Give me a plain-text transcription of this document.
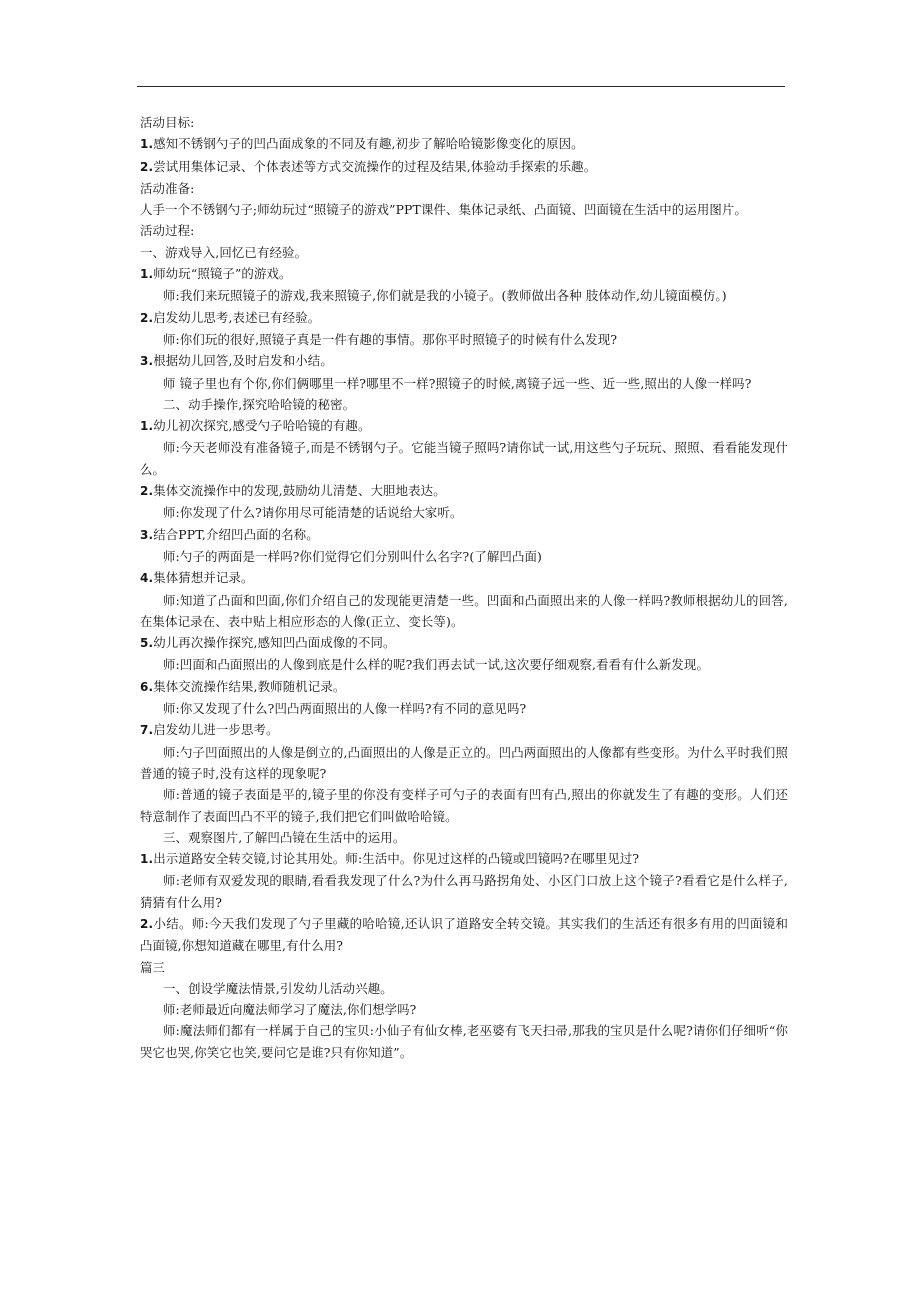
活动目标:

1.感知不锈钢勺子的凹凸面成象的不同及有趣,初步了解哈哈镜影像变化的原因。

2.尝试用集体记录、个体表述等方式交流操作的过程及结果,体验动手探索的乐趣。

活动准备:

人手一个不锈钢勺子;师幼玩过“照镜子的游戏”PPT课件、集体记录纸、凸面镜、凹面镜在生活中的运用图片。

活动过程:

一、游戏导入,回忆已有经验。

1.师幼玩“照镜子”的游戏。

师:我们来玩照镜子的游戏,我来照镜子,你们就是我的小镜子。(教师做出各种 肢体动作,幼儿镜面模仿。)

2.启发幼儿思考,表述已有经验。

师:你们玩的很好,照镜子真是一件有趣的事情。那你平时照镜子的时候有什么发现?

3.根据幼儿回答,及时启发和小结。

师 镜子里也有个你,你们俩哪里一样?哪里不一样?照镜子的时候,离镜子远一些、近一些,照出的人像一样吗?

二、动手操作,探究哈哈镜的秘密。

1.幼儿初次探究,感受勺子哈哈镜的有趣。

师:今天老师没有准备镜子,而是不锈钢勺子。它能当镜子照吗?请你试一试,用这些勺子玩玩、照照、看看能发现什么。

2.集体交流操作中的发现,鼓励幼儿清楚、大胆地表达。

师:你发现了什么?请你用尽可能清楚的话说给大家听。

3.结合PPT,介绍凹凸面的名称。

师:勺子的两面是一样吗?你们觉得它们分别叫什么名字?(了解凹凸面)

4.集体猜想并记录。

师:知道了凸面和凹面,你们介绍自己的发现能更清楚一些。凹面和凸面照出来的人像一样吗?教师根据幼儿的回答,在集体记录在、表中贴上相应形态的人像(正立、变长等)。

5.幼儿再次操作探究,感知凹凸面成像的不同。

师:凹面和凸面照出的人像到底是什么样的呢?我们再去试一试,这次要仔细观察,看看有什么新发现。

6.集体交流操作结果,教师随机记录。

师:你又发现了什么?凹凸两面照出的人像一样吗?有不同的意见吗?

7.启发幼儿进一步思考。

师:勺子凹面照出的人像是倒立的,凸面照出的人像是正立的。凹凸两面照出的人像都有些变形。为什么平时我们照普通的镜子时,没有这样的现象呢?

师:普通的镜子表面是平的,镜子里的你没有变样子可勺子的表面有凹有凸,照出的你就发生了有趣的变形。人们还特意制作了表面凹凸不平的镜子,我们把它们叫做哈哈镜。

三、观察图片,了解凹凸镜在生活中的运用。

1.出示道路安全转交镜,讨论其用处。师:生活中。你见过这样的凸镜或凹镜吗?在哪里见过?

师:老师有双爱发现的眼睛,看看我发现了什么?为什么再马路拐角处、小区门口放上这个镜子?看看它是什么样子,猜猜有什么用?

2.小结。师:今天我们发现了勺子里藏的哈哈镜,还认识了道路安全转交镜。其实我们的生活还有很多有用的凹面镜和凸面镜,你想知道藏在哪里,有什么用?

篇三

一、创设学魔法情景,引发幼儿活动兴趣。

师:老师最近向魔法师学习了魔法,你们想学吗?

师:魔法师们都有一样属于自己的宝贝:小仙子有仙女棒,老巫婆有飞天扫帚,那我的宝贝是什么呢?请你们仔细听“你哭它也哭,你笑它也笑,要问它是谁?只有你知道”。
